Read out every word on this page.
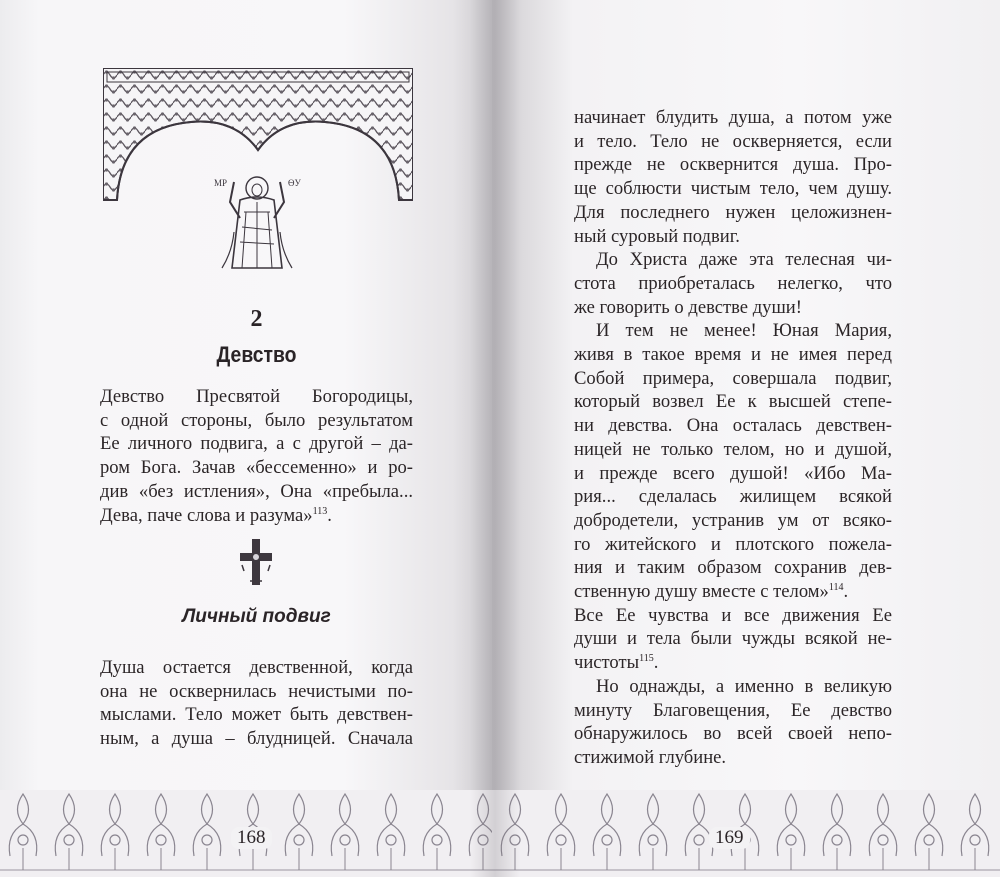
МР	ѲУ
2
Девство
Девство Пресвятой Богородицы,
с одной стороны, было результатом
Ее личного подвига, а с другой – да-
ром Бога. Зачав «бессеменно» и ро-
див «без истления», Она «пребыла...
Дева, паче слова и разума»$^{113}$.
Личный подвиг
Душа остается девственной, когда
она не осквернилась нечистыми по-
мыслами. Тело может быть девствен-
ным, а душа – блудницей. Сначала
168
начинает блудить душа, а потом уже
и тело. Тело не оскверняется, если
прежде не осквернится душа. Про-
ще соблюсти чистым тело, чем душу.
Для последнего нужен целожизнен-
ный суровый подвиг.
До Христа даже эта телесная чи-
стота приобреталась нелегко, что
же говорить о девстве души!
И тем не менее! Юная Мария,
живя в такое время и не имея перед
Собой примера, совершала подвиг,
который возвел Ее к высшей степе-
ни девства. Она осталась девствен-
ницей не только телом, но и душой,
и прежде всего душой! «Ибо Ма-
рия... сделалась жилищем всякой
добродетели, устранив ум от всяко-
го житейского и плотского пожела-
ния и таким образом сохранив дев-
ственную душу вместе с телом»$^{114}$.
Все Ее чувства и все движения Ее
души и тела были чужды всякой не-
чистоты$^{115}$.
Но однажды, а именно в великую
минуту Благовещения, Ее девство
обнаружилось во всей своей непо-
стижимой глубине.
169
